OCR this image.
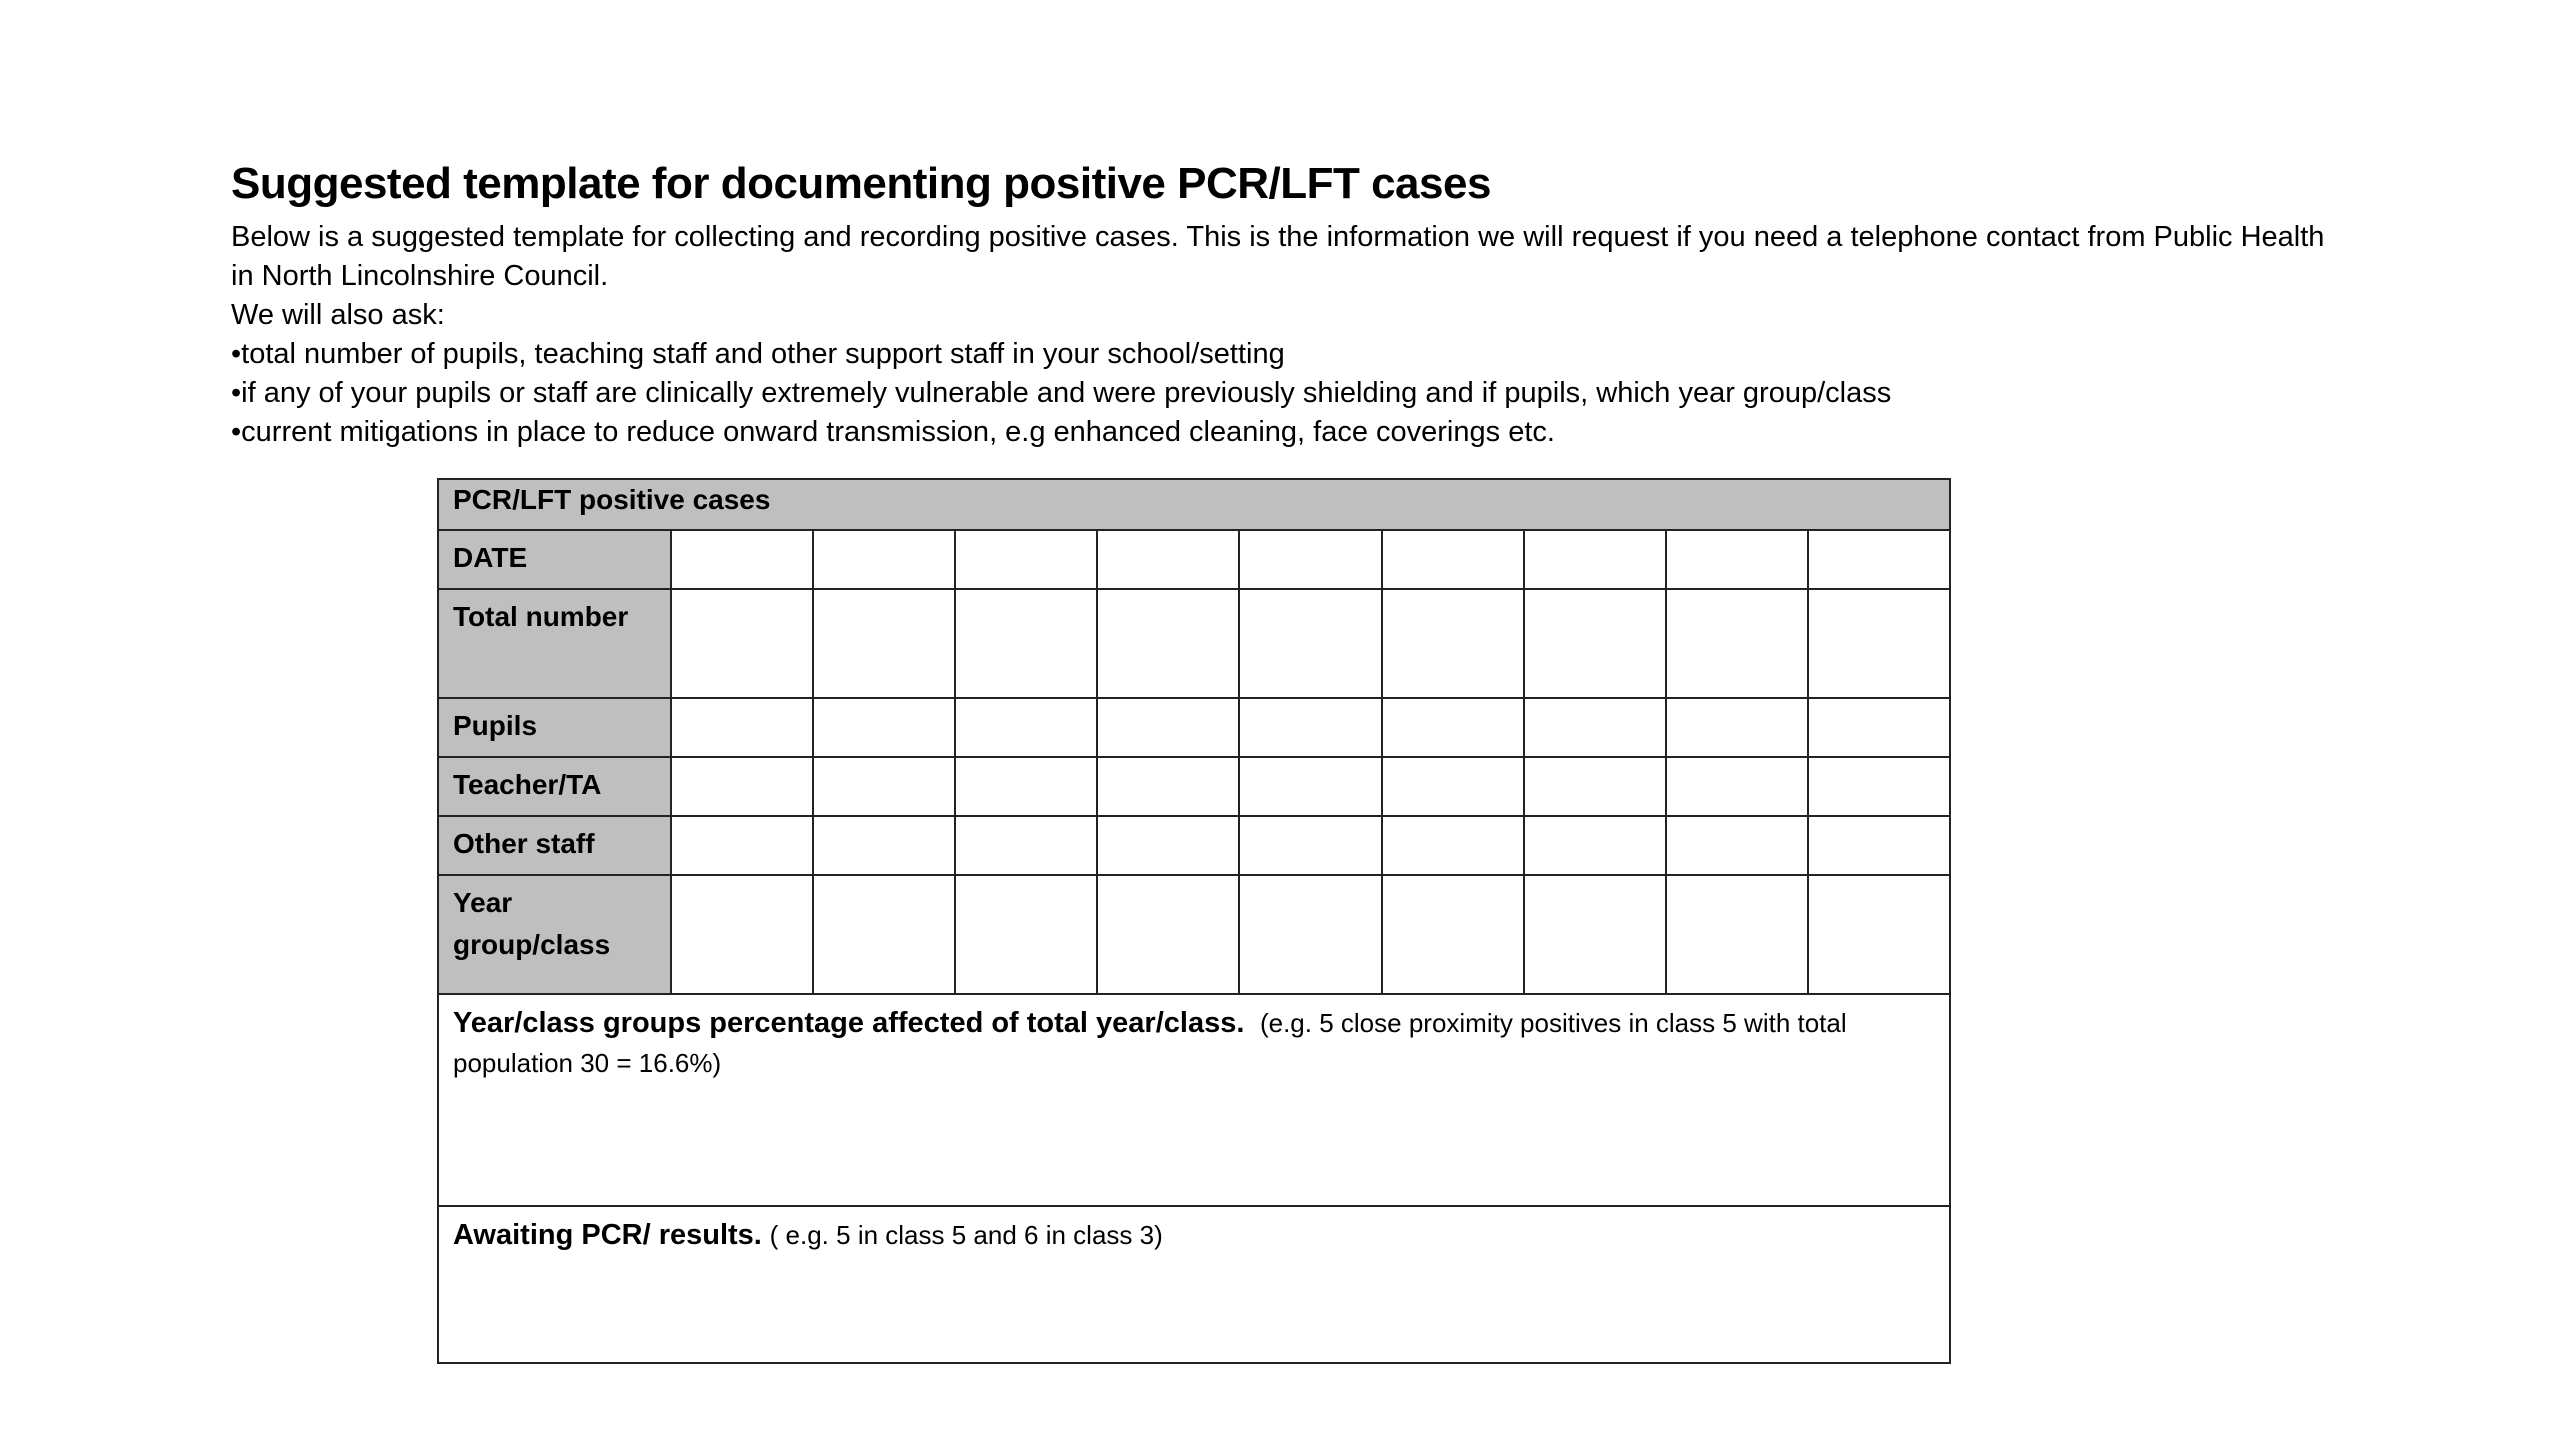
Suggested template for documenting positive PCR/LFT cases

Below is a suggested template for collecting and recording positive cases. This is the information we will request if you need a telephone contact from Public Health in North Lincolnshire Council.

We will also ask:

•total number of pupils, teaching staff and other support staff in your school/setting

•if any of your pupils or staff are clinically extremely vulnerable and were previously shielding and if pupils, which year group/class

•current mitigations in place to reduce onward transmission, e.g enhanced cleaning, face coverings etc.

PCR/LFT positive cases									
DATE									
Total number									
Pupils									
Teacher/TA									
Other staff									
Year group/class									
Year/class groups percentage affected of total year/class. (e.g. 5 close proximity positives in class 5 with total population 30 = 16.6%)									
Awaiting PCR/ results. ( e.g. 5 in class 5 and 6 in class 3)									
